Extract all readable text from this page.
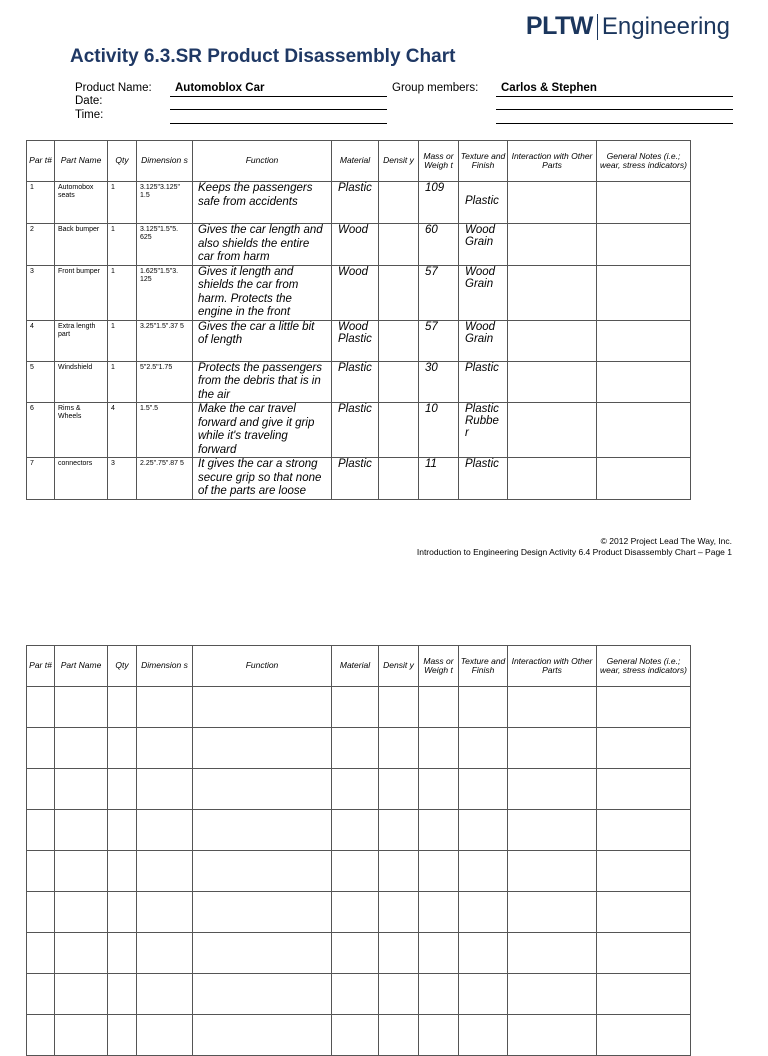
PLTW Engineering
Activity 6.3.SR Product Disassembly Chart
Product Name: Automoblox Car
Date:
Time:
Group members: Carlos & Stephen
Par t#	Part Name	Qty	Dimension s	Function	Material	Densit y	Mass or Weigh t	Texture and Finish	Interaction with Other Parts	General Notes (i.e.; wear, stress indicators)
1	Automobox seats	1	3.125"3.125" 1.5	Keeps the passengers safe from accidents	Plastic		109	Plastic		
2	Back bumper	1	3.125"1.5"5. 625	Gives the car length and also shields the entire car from harm	Wood		60	Wood Grain		
3	Front bumper	1	1.625"1.5"3. 125	Gives it length and shields the car from harm. Protects the engine in the front	Wood		57	Wood Grain		
4	Extra length part	1	3.25"1.5".37 5	Gives the car a little bit of length	Wood Plastic		57	Wood Grain		
5	Windshield	1	5"2.5"1.75	Protects the passengers from the debris that is in the air	Plastic		30	Plastic		
6	Rims & Wheels	4	1.5".5	Make the car travel forward and give it grip while it's traveling forward	Plastic		10	Plastic Rubbe r		
7	connectors	3	2.25".75".87 5	It gives the car a strong secure grip so that none of the parts are loose	Plastic		11	Plastic		
© 2012 Project Lead The Way, Inc.
Introduction to Engineering Design Activity 6.4 Product Disassembly Chart – Page 1
Par t#	Part Name	Qty	Dimension s	Function	Material	Densit y	Mass or Weigh t	Texture and Finish	Interaction with Other Parts	General Notes (i.e.; wear, stress indicators)
